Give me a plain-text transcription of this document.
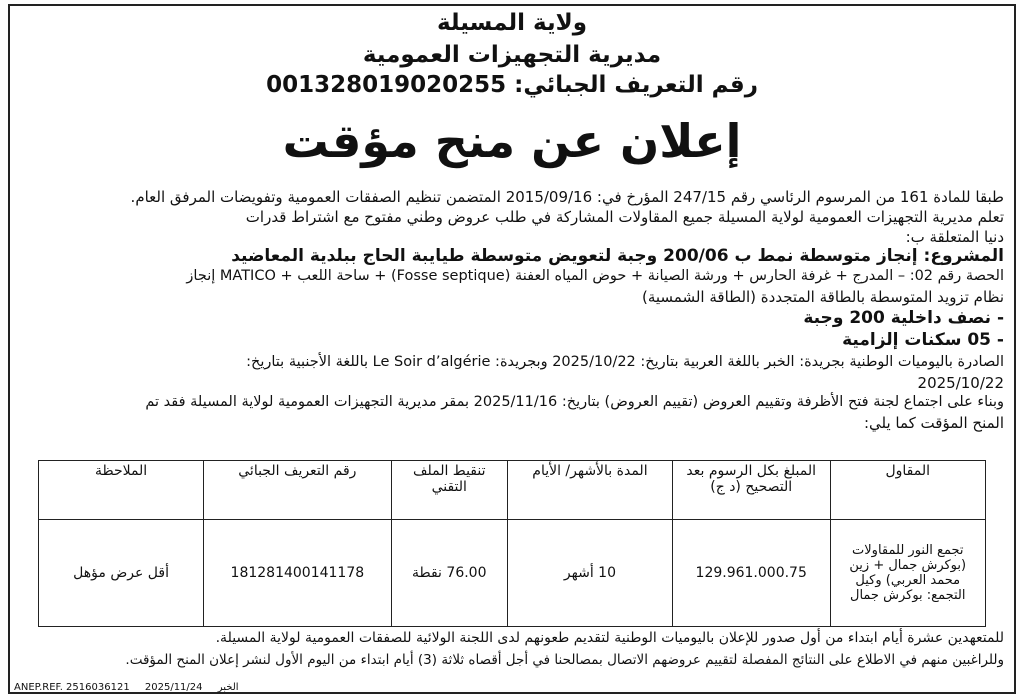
ولاية المسيلة
مديرية التجهيزات العمومية
رقم التعريف الجبائي: 001328019020255
إعلان عن منح مؤقت
طبقا للمادة 161 من المرسوم الرئاسي رقم 247/15 المؤرخ في: 2015/09/16 المتضمن تنظيم الصفقات العمومية وتفويضات المرفق العام.
تعلم مديرية التجهيزات العمومية لولاية المسيلة جميع المقاولات المشاركة في طلب عروض وطني مفتوح مع اشتراط قدرات
دنيا المتعلقة ب:
المشروع: إنجاز متوسطة نمط ب 200/06 وجبة لتعويض متوسطة طيايبة الحاج ببلدية المعاضيد
الحصة رقم 02: – المدرج + غرفة الحارس + ورشة الصيانة + حوض المياه العفنة (Fosse septique) + ساحة اللعب + MATICO إنجاز
نظام تزويد المتوسطة بالطاقة المتجددة (الطاقة الشمسية)
- نصف داخلية 200 وجبة
- 05 سكنات إلزامية
الصادرة باليوميات الوطنية بجريدة: الخبر باللغة العربية بتاريخ: 2025/10/22 وبجريدة: Le Soir d’algérie باللغة الأجنبية بتاريخ:
2025/10/22
وبناء على اجتماع لجنة فتح الأظرفة وتقييم العروض (تقييم العروض) بتاريخ: 2025/11/16 بمقر مديرية التجهيزات العمومية لولاية المسيلة فقد تم
المنح المؤقت كما يلي:
للمتعهدين عشرة أيام ابتداء من أول صدور للإعلان باليوميات الوطنية لتقديم طعونهم لدى اللجنة الولائية للصفقات العمومية لولاية المسيلة.
وللراغبين منهم في الاطلاع على النتائج المفصلة لتقييم عروضهم الاتصال بمصالحنا في أجل أقصاه ثلاثة (3) أيام ابتداء من اليوم الأول لنشر إعلان المنح المؤقت.
المقاول	المبلغ بكل الرسوم بعد التصحيح (د ج)	المدة بالأشهر/ الأيام	تنقيط الملف التقني	رقم التعريف الجبائي	الملاحظة
تجمع النور للمقاولات (بوكرش جمال + زين محمد العربي) وكيل التجمع: بوكرش جمال	129.961.000.75	10 أشهر	76.00 نقطة	181281400141178	أقل عرض مؤهل
ANEP.REF. 2516036121 2025/11/24 الخبر
